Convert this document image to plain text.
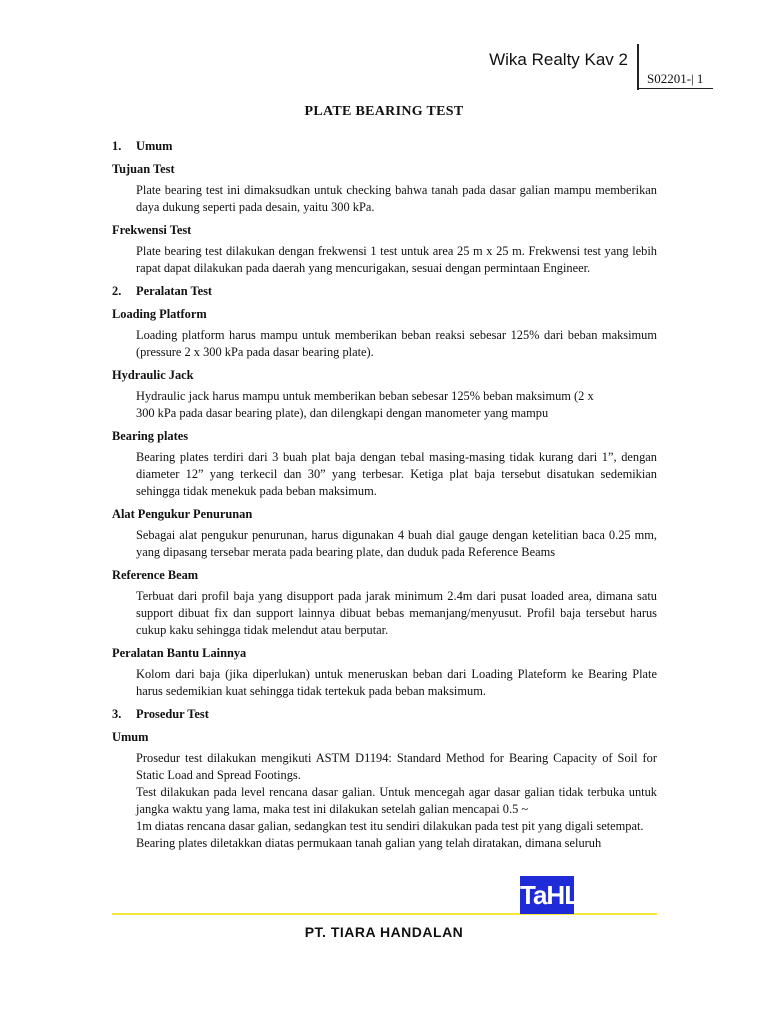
Wika Realty Kav 2
S02201-| 1
PLATE BEARING TEST

1. Umum

Tujuan Test

Plate bearing test ini dimaksudkan untuk checking bahwa tanah pada dasar galian mampu memberikan daya dukung seperti pada desain, yaitu 300 kPa.

Frekwensi Test

Plate bearing test dilakukan dengan frekwensi 1 test untuk area 25 m x 25 m. Frekwensi test yang lebih rapat dapat dilakukan pada daerah yang mencurigakan, sesuai dengan permintaan Engineer.

2. Peralatan Test

Loading Platform

Loading platform harus mampu untuk memberikan beban reaksi sebesar 125% dari beban maksimum (pressure 2 x 300 kPa pada dasar bearing plate).

Hydraulic Jack

Hydraulic jack harus mampu untuk memberikan beban sebesar 125% beban maksimum (2 x

300 kPa pada dasar bearing plate), dan dilengkapi dengan manometer yang mampu

Bearing plates

Bearing plates terdiri dari 3 buah plat baja dengan tebal masing-masing tidak kurang dari 1”, dengan diameter 12” yang terkecil dan 30” yang terbesar. Ketiga plat baja tersebut disatukan sedemikian sehingga tidak menekuk pada beban maksimum.

Alat Pengukur Penurunan

Sebagai alat pengukur penurunan, harus digunakan 4 buah dial gauge dengan ketelitian baca 0.25 mm, yang dipasang tersebar merata pada bearing plate, dan duduk pada Reference Beams

Reference Beam

Terbuat dari profil baja yang disupport pada jarak minimum 2.4m dari pusat loaded area, dimana satu support dibuat fix dan support lainnya dibuat bebas memanjang/menyusut. Profil baja tersebut harus cukup kaku sehingga tidak melendut atau berputar.

Peralatan Bantu Lainnya

Kolom dari baja (jika diperlukan) untuk meneruskan beban dari Loading Plateform ke Bearing Plate harus sedemikian kuat sehingga tidak tertekuk pada beban maksimum.

3. Prosedur Test

Umum

Prosedur test dilakukan mengikuti ASTM D1194: Standard Method for Bearing Capacity of Soil for Static Load and Spread Footings.

Test dilakukan pada level rencana dasar galian. Untuk mencegah agar dasar galian tidak terbuka untuk jangka waktu yang lama, maka test ini dilakukan setelah galian mencapai 0.5 ~

1m diatas rencana dasar galian, sedangkan test itu sendiri dilakukan pada test pit yang digali setempat.

Bearing plates diletakkan diatas permukaan tanah galian yang telah diratakan, dimana seluruh

TaHL
PT. TIARA HANDALAN
